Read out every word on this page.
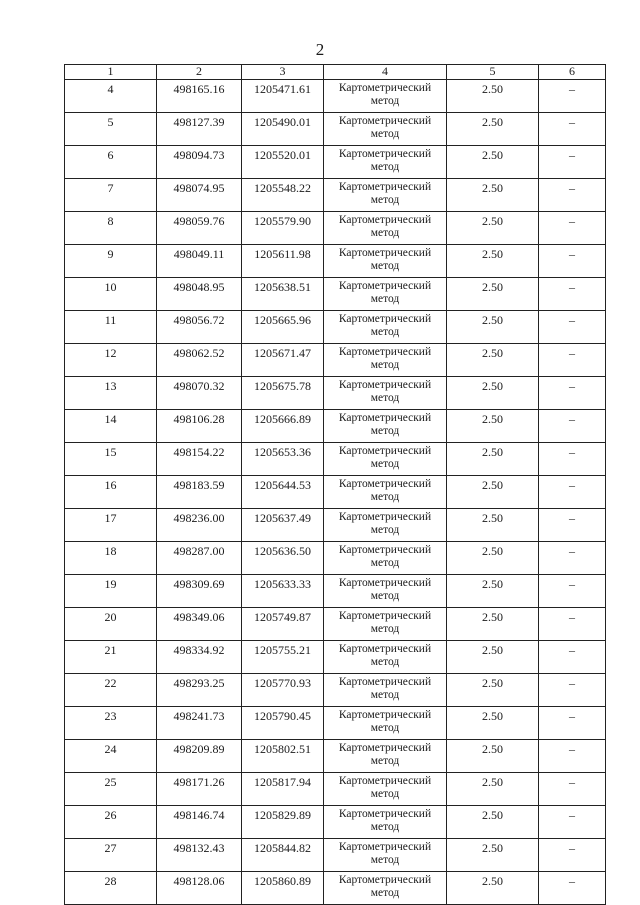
2
1	2	3	4	5	6
4	498165.16	1205471.61	Картометрический метод	2.50	–
5	498127.39	1205490.01	Картометрический метод	2.50	–
6	498094.73	1205520.01	Картометрический метод	2.50	–
7	498074.95	1205548.22	Картометрический метод	2.50	–
8	498059.76	1205579.90	Картометрический метод	2.50	–
9	498049.11	1205611.98	Картометрический метод	2.50	–
10	498048.95	1205638.51	Картометрический метод	2.50	–
11	498056.72	1205665.96	Картометрический метод	2.50	–
12	498062.52	1205671.47	Картометрический метод	2.50	–
13	498070.32	1205675.78	Картометрический метод	2.50	–
14	498106.28	1205666.89	Картометрический метод	2.50	–
15	498154.22	1205653.36	Картометрический метод	2.50	–
16	498183.59	1205644.53	Картометрический метод	2.50	–
17	498236.00	1205637.49	Картометрический метод	2.50	–
18	498287.00	1205636.50	Картометрический метод	2.50	–
19	498309.69	1205633.33	Картометрический метод	2.50	–
20	498349.06	1205749.87	Картометрический метод	2.50	–
21	498334.92	1205755.21	Картометрический метод	2.50	–
22	498293.25	1205770.93	Картометрический метод	2.50	–
23	498241.73	1205790.45	Картометрический метод	2.50	–
24	498209.89	1205802.51	Картометрический метод	2.50	–
25	498171.26	1205817.94	Картометрический метод	2.50	–
26	498146.74	1205829.89	Картометрический метод	2.50	–
27	498132.43	1205844.82	Картометрический метод	2.50	–
28	498128.06	1205860.89	Картометрический метод	2.50	–
